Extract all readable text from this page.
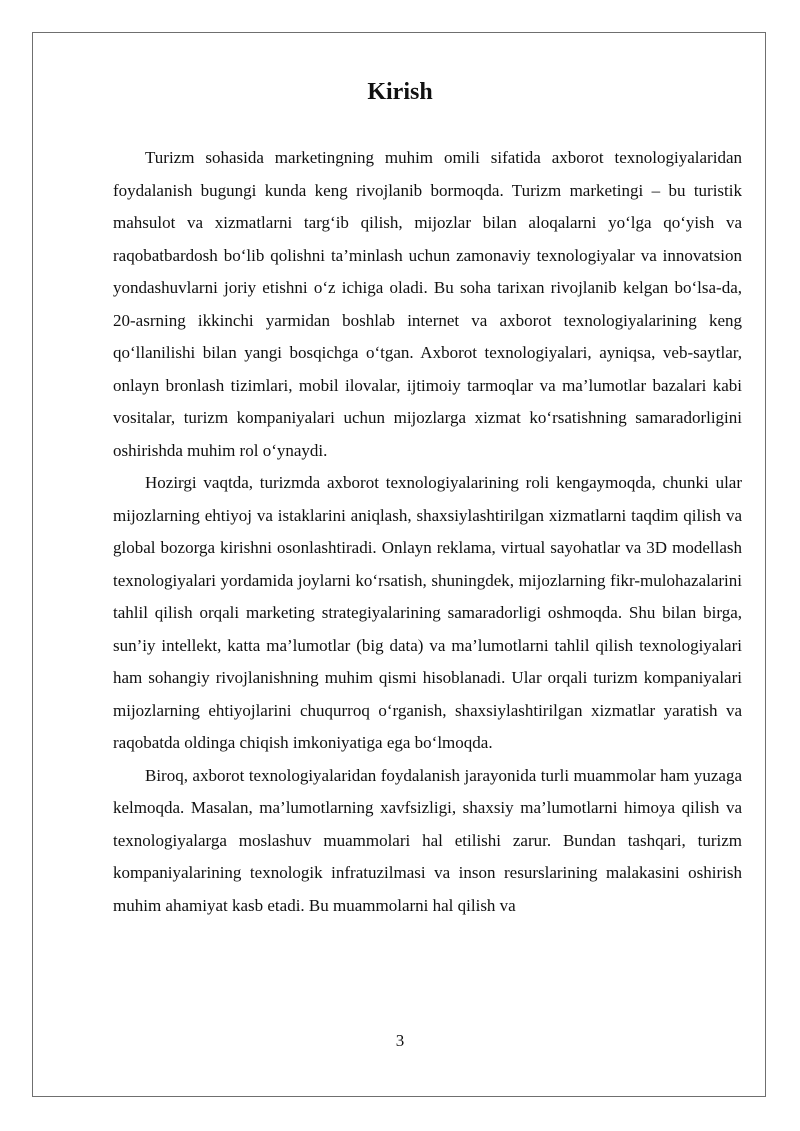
Kirish

Turizm sohasida marketingning muhim omili sifatida axborot texnologiyalaridan foydalanish bugungi kunda keng rivojlanib bormoqda. Turizm marketingi – bu turistik mahsulot va xizmatlarni targ‘ib qilish, mijozlar bilan aloqalarni yo‘lga qo‘yish va raqobatbardosh bo‘lib qolishni ta’minlash uchun zamonaviy texnologiyalar va innovatsion yondashuvlarni joriy etishni o‘z ichiga oladi. Bu soha tarixan rivojlanib kelgan bo‘lsa-da, 20-asrning ikkinchi yarmidan boshlab internet va axborot texnologiyalarining keng qo‘llanilishi bilan yangi bosqichga o‘tgan. Axborot texnologiyalari, ayniqsa, veb-saytlar, onlayn bronlash tizimlari, mobil ilovalar, ijtimoiy tarmoqlar va ma’lumotlar bazalari kabi vositalar, turizm kompaniyalari uchun mijozlarga xizmat ko‘rsatishning samaradorligini oshirishda muhim rol o‘ynaydi.

Hozirgi vaqtda, turizmda axborot texnologiyalarining roli kengaymoqda, chunki ular mijozlarning ehtiyoj va istaklarini aniqlash, shaxsiylashtirilgan xizmatlarni taqdim qilish va global bozorga kirishni osonlashtiradi. Onlayn reklama, virtual sayohatlar va 3D modellash texnologiyalari yordamida joylarni ko‘rsatish, shuningdek, mijozlarning fikr-mulohazalarini tahlil qilish orqali marketing strategiyalarining samaradorligi oshmoqda. Shu bilan birga, sun’iy intellekt, katta ma’lumotlar (big data) va ma’lumotlarni tahlil qilish texnologiyalari ham sohangiy rivojlanishning muhim qismi hisoblanadi. Ular orqali turizm kompaniyalari mijozlarning ehtiyojlarini chuqurroq o‘rganish, shaxsiylashtirilgan xizmatlar yaratish va raqobatda oldinga chiqish imkoniyatiga ega bo‘lmoqda.

Biroq, axborot texnologiyalaridan foydalanish jarayonida turli muammolar ham yuzaga kelmoqda. Masalan, ma’lumotlarning xavfsizligi, shaxsiy ma’lumotlarni himoya qilish va texnologiyalarga moslashuv muammolari hal etilishi zarur. Bundan tashqari, turizm kompaniyalarining texnologik infratuzilmasi va inson resurslarining malakasini oshirish muhim ahamiyat kasb etadi. Bu muammolarni hal qilish va

3
